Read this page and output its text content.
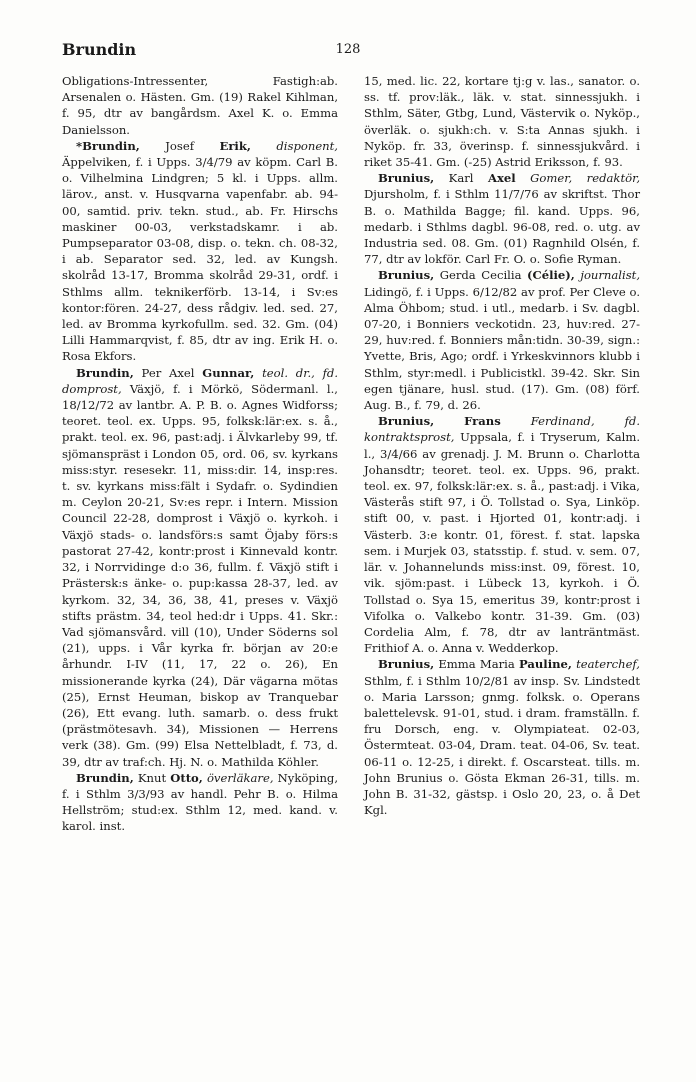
Brundin	128

Obligations-Intressenter, Fastigh:ab. Arsenalen o. Hästen. Gm. (19) Rakel Kihlman, f. 95, dtr av bangårdsm. Axel K. o. Emma Danielsson.

*Brundin, Josef Erik, disponent, Äppelviken, f. i Upps. 3/4/79 av köpm. Carl B. o. Vilhelmina Lindgren; 5 kl. i Upps. allm. lärov., anst. v. Husqvarna vapenfabr. ab. 94-00, samtid. priv. tekn. stud., ab. Fr. Hirschs maskiner 00-03, verkstadskamr. i ab. Pumpseparator 03-08, disp. o. tekn. ch. 08-32, i ab. Separator sed. 32, led. av Kungsh. skolråd 13-17, Bromma skolråd 29-31, ordf. i Sthlms allm. teknikerförb. 13-14, i Sv:es kontor:fören. 24-27, dess rådgiv. led. sed. 27, led. av Bromma kyrkofullm. sed. 32. Gm. (04) Lilli Hammarqvist, f. 85, dtr av ing. Erik H. o. Rosa Ekfors.

Brundin, Per Axel Gunnar, teol. dr., fd. domprost, Växjö, f. i Mörkö, Södermanl. l., 18/12/72 av lantbr. A. P. B. o. Agnes Widforss; teoret. teol. ex. Upps. 95, folksk:lär:ex. s. å., prakt. teol. ex. 96, past:adj. i Älvkarleby 99, tf. sjömanspräst i London 05, ord. 06, sv. kyrkans miss:styr. resesekr. 11, miss:dir. 14, insp:res. t. sv. kyrkans miss:fält i Sydafr. o. Sydindien m. Ceylon 20-21, Sv:es repr. i Intern. Mission Council 22-28, domprost i Växjö o. kyrkoh. i Växjö stads- o. landsförs:s samt Öjaby förs:s pastorat 27-42, kontr:prost i Kinnevald kontr. 32, i Norrvidinge d:o 36, fullm. f. Växjö stift i Prästersk:s änke- o. pup:kassa 28-37, led. av kyrkom. 32, 34, 36, 38, 41, preses v. Växjö stifts prästm. 34, teol hed:dr i Upps. 41. Skr.: Vad sjömansvård. vill (10), Under Söderns sol (21), upps. i Vår kyrka fr. början av 20:e århundr. I-IV (11, 17, 22 o. 26), En missionerande kyrka (24), Där vägarna mötas (25), Ernst Heuman, biskop av Tranquebar (26), Ett evang. luth. samarb. o. dess frukt (prästmötesavh. 34), Missionen — Herrens verk (38). Gm. (99) Elsa Nettelbladt, f. 73, d. 39, dtr av traf:ch. Hj. N. o. Mathilda Köhler.

Brundin, Knut Otto, överläkare, Nyköping, f. i Sthlm 3/3/93 av handl. Pehr B. o. Hilma Hellström; stud:ex. Sthlm 12, med. kand. v. karol. inst.

15, med. lic. 22, kortare tj:g v. las., sanator. o. ss. tf. prov:läk., läk. v. stat. sinnessjukh. i Sthlm, Säter, Gtbg, Lund, Västervik o. Nyköp., överläk. o. sjukh:ch. v. S:ta Annas sjukh. i Nyköp. fr. 33, överinsp. f. sinnessjukvård. i riket 35-41. Gm. (-25) Astrid Eriksson, f. 93.

Brunius, Karl Axel Gomer, redaktör, Djursholm, f. i Sthlm 11/7/76 av skriftst. Thor B. o. Mathilda Bagge; fil. kand. Upps. 96, medarb. i Sthlms dagbl. 96-08, red. o. utg. av Industria sed. 08. Gm. (01) Ragnhild Olsén, f. 77, dtr av lokför. Carl Fr. O. o. Sofie Ryman.

Brunius, Gerda Cecilia (Célie), journalist, Lidingö, f. i Upps. 6/12/82 av prof. Per Cleve o. Alma Öhbom; stud. i utl., medarb. i Sv. dagbl. 07-20, i Bonniers veckotidn. 23, huv:red. 27-29, huv:red. f. Bonniers mån:tidn. 30-39, sign.: Yvette, Bris, Ago; ordf. i Yrkeskvinnors klubb i Sthlm, styr:medl. i Publicistkl. 39-42. Skr. Sin egen tjänare, husl. stud. (17). Gm. (08) förf. Aug. B., f. 79, d. 26.

Brunius,	Frans	Ferdinand, fd. kontraktsprost, Uppsala, f. i Tryserum, Kalm. l., 3/4/66 av grenadj. J. M. Brunn o. Charlotta Johansdtr; teoret. teol. ex. Upps. 96, prakt. teol. ex. 97, folksk:lär:ex. s. å., past:adj. i Vika, Västerås stift 97, i Ö. Tollstad o. Sya, Linköp. stift 00, v. past. i Hjorted 01, kontr:adj. i Västerb. 3:e kontr. 01, förest. f. stat. lapska sem. i Murjek 03, statsstip. f. stud. v. sem. 07, lär. v. Johannelunds miss:inst. 09, förest. 10, vik. sjöm:past. i Lübeck 13, kyrkoh. i Ö. Tollstad o. Sya 15, emeritus 39, kontr:prost i Vifolka o. Valkebo kontr. 31-39. Gm. (03) Cordelia Alm, f. 78, dtr av lanträntmäst. Frithiof A. o. Anna v. Wedderkop.

Brunius, Emma Maria Pauline, teaterchef, Sthlm, f. i Sthlm 10/2/81 av insp. Sv. Lindstedt o. Maria Larsson; gnmg. folksk. o. Operans balettelevsk. 91-01, stud. i dram. framställn. f. fru Dorsch, eng. v. Olympiateat. 02-03, Östermteat. 03-04, Dram. teat. 04-06, Sv. teat. 06-11 o. 12-25, i direkt. f. Oscarsteat. tills. m. John Brunius o. Gösta Ekman 26-31, tills. m. John B. 31-32, gästsp. i Oslo 20, 23, o. å Det Kgl.
